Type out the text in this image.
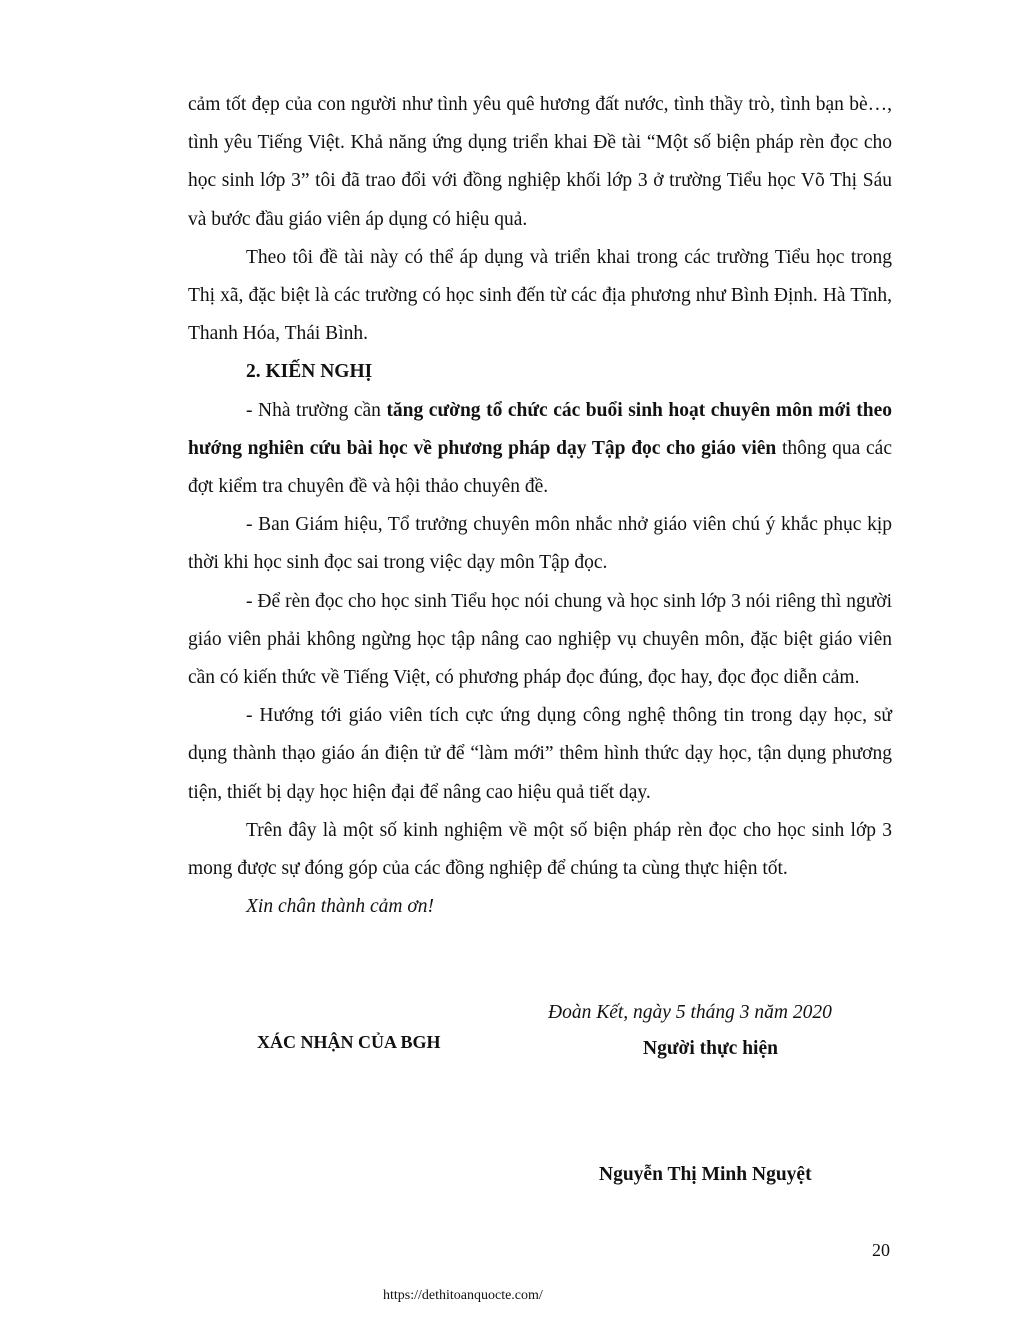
cảm tốt đẹp của con người như tình yêu quê hương đất nước, tình thầy trò, tình bạn bè…, tình yêu Tiếng Việt. Khả năng ứng dụng triển khai Đề tài “Một số biện pháp rèn đọc cho học sinh lớp 3” tôi đã trao đổi với đồng nghiệp khối lớp 3 ở trường Tiểu học Võ Thị Sáu và bước đầu giáo viên áp dụng có hiệu quả.

Theo tôi đề tài này có thể áp dụng và triển khai trong các trường Tiểu học trong Thị xã, đặc biệt là các trường có học sinh đến từ các địa phương như Bình Định. Hà Tĩnh, Thanh Hóa, Thái Bình.

2. KIẾN NGHỊ

- Nhà trường cần tăng cường tổ chức các buổi sinh hoạt chuyên môn mới theo hướng nghiên cứu bài học về phương pháp dạy Tập đọc cho giáo viên thông qua các đợt kiểm tra chuyên đề và hội thảo chuyên đề.

- Ban Giám hiệu, Tổ trưởng chuyên môn nhắc nhở giáo viên chú ý khắc phục kịp thời khi học sinh đọc sai trong việc dạy môn Tập đọc.

- Để rèn đọc cho học sinh Tiểu học nói chung và học sinh lớp 3 nói riêng thì người giáo viên phải không ngừng học tập nâng cao nghiệp vụ chuyên môn, đặc biệt giáo viên cần có kiến thức về Tiếng Việt, có phương pháp đọc đúng, đọc hay, đọc đọc diễn cảm.

- Hướng tới giáo viên tích cực ứng dụng công nghệ thông tin trong dạy học, sử dụng thành thạo giáo án điện tử để “làm mới” thêm hình thức dạy học, tận dụng phương tiện, thiết bị dạy học hiện đại để nâng cao hiệu quả tiết dạy.

Trên đây là một số kinh nghiệm về một số biện pháp rèn đọc cho học sinh lớp 3 mong được sự đóng góp của các đồng nghiệp để chúng ta cùng thực hiện tốt.

Xin chân thành cảm ơn!

Đoàn Kết, ngày 5 tháng 3 năm 2020
XÁC NHẬN CỦA BGH	Người thực hiện
Nguyễn Thị Minh Nguyệt
20
https://dethitoanquocte.com/
